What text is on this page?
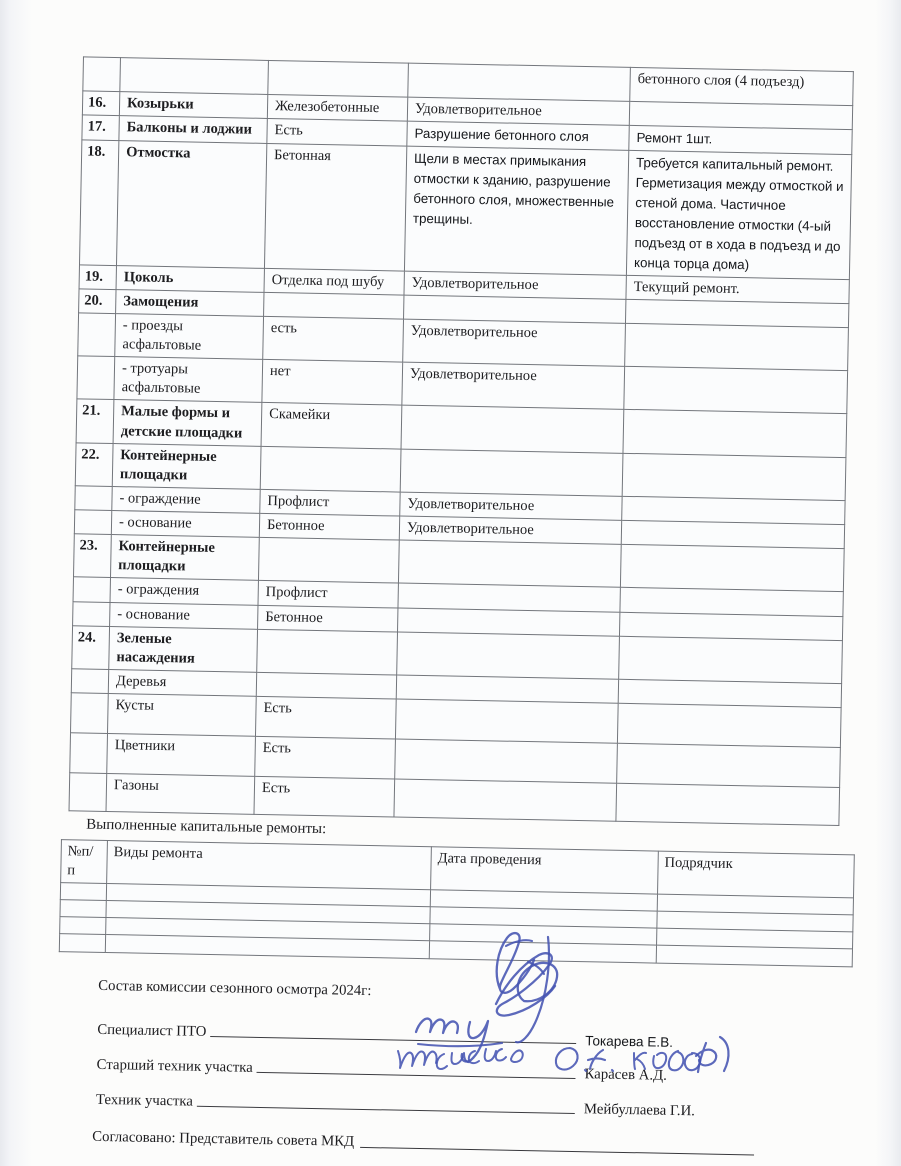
				бетонного слоя (4 подъезд)
16.	Козырьки	Железобетонные	Удовлетворительное	
17.	Балконы и лоджии	Есть	Разрушение бетонного слоя	Ремонт 1шт.
18.	Отмостка	Бетонная	Щели в местах примыкания отмостки к зданию, разрушение бетонного слоя, множественные трещины.	Требуется капитальный ремонт. Герметизация между отмосткой и стеной дома. Частичное восстановление отмостки (4-ый подъезд от в хода в подъезд и до конца торца дома)
19.	Цоколь	Отделка под шубу	Удовлетворительное	Текущий ремонт.
20.	Замощения			
	- проезды асфальтовые	есть	Удовлетворительное	
	- тротуары асфальтовые	нет	Удовлетворительное	
21.	Малые формы и детские площадки	Скамейки		
22.	Контейнерные площадки			
	- ограждение	Профлист	Удовлетворительное	
	- основание	Бетонное	Удовлетворительное	
23.	Контейнерные площадки			
	- ограждения	Профлист		
	- основание	Бетонное		
24.	Зеленые насаждения			
	Деревья			
	Кусты	Есть		
	Цветники	Есть		
	Газоны	Есть		

Выполненные капитальные ремонты:

№п/п	Виды ремонта	Дата проведения	Подрядчик

Состав комиссии сезонного осмотра 2024г:

Специалист ПТО
Токарева Е.В.
Старший техник участка	Карасев А.Д.
Техник участка
Мейбуллаева Г.И.
Согласовано: Представитель совета МКД
